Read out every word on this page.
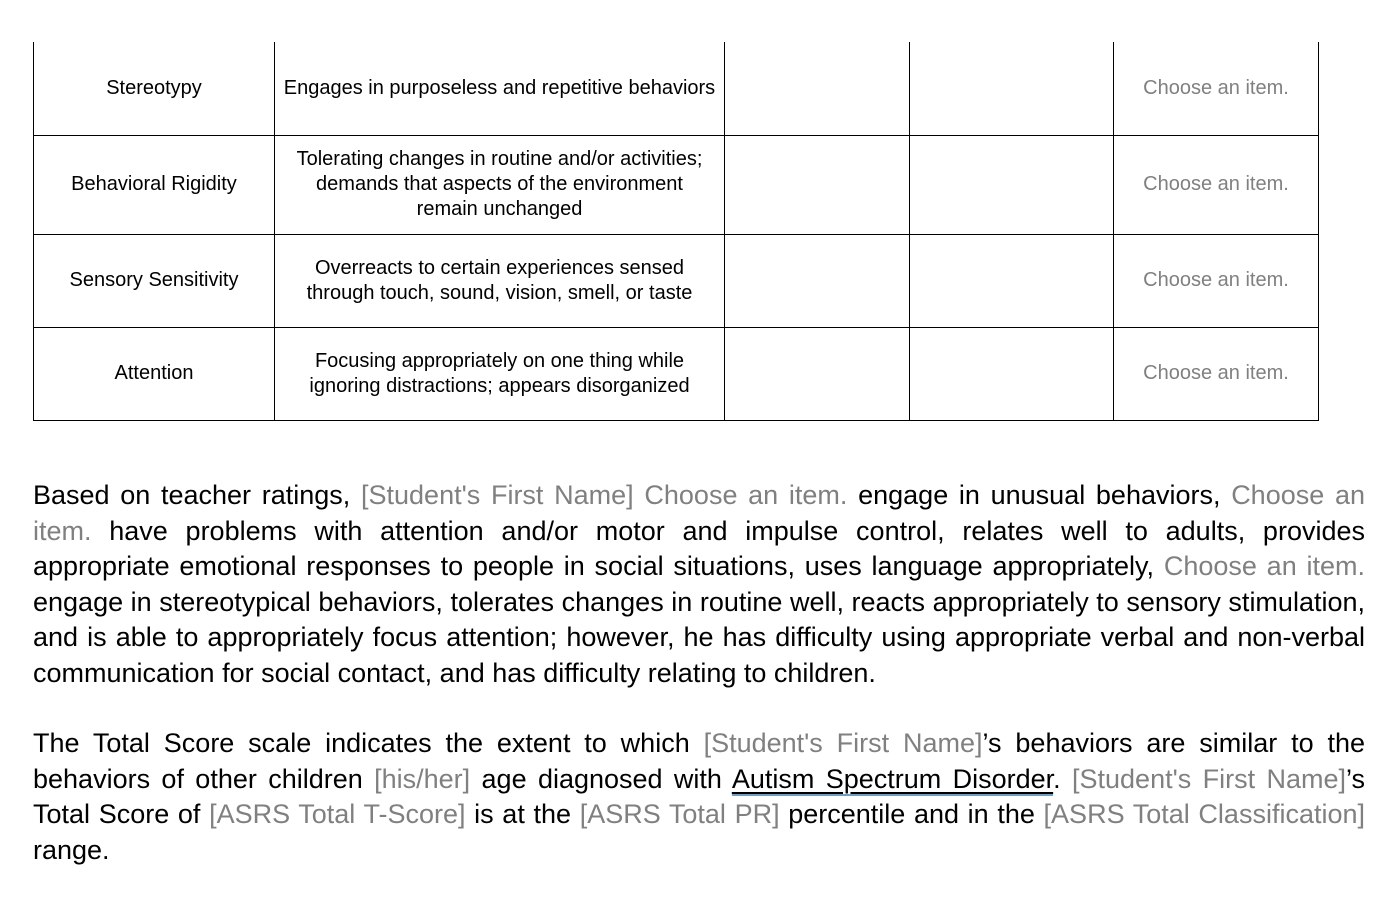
Stereotypy	Engages in purposeless and repetitive behaviors			Choose an item.
Behavioral Rigidity	Tolerating changes in routine and/or activities; demands that aspects of the environment remain unchanged			Choose an item.
Sensory Sensitivity	Overreacts to certain experiences sensed through touch, sound, vision, smell, or taste			Choose an item.
Attention	Focusing appropriately on one thing while ignoring distractions; appears disorganized			Choose an item.

Based on teacher ratings, [Student's First Name] Choose an item. engage in unusual behaviors, Choose an item. have problems with attention and/or motor and impulse control, relates well to adults, provides appropriate emotional responses to people in social situations, uses language appropriately, Choose an item. engage in stereotypical behaviors, tolerates changes in routine well, reacts appropriately to sensory stimulation, and is able to appropriately focus attention; however, he has difficulty using appropriate verbal and non-verbal communication for social contact, and has difficulty relating to children.

The Total Score scale indicates the extent to which [Student's First Name]’s behaviors are similar to the behaviors of other children [his/her] age diagnosed with Autism Spectrum Disorder. [Student's First Name]’s Total Score of [ASRS Total T-Score] is at the [ASRS Total PR] percentile and in the [ASRS Total Classification] range.
